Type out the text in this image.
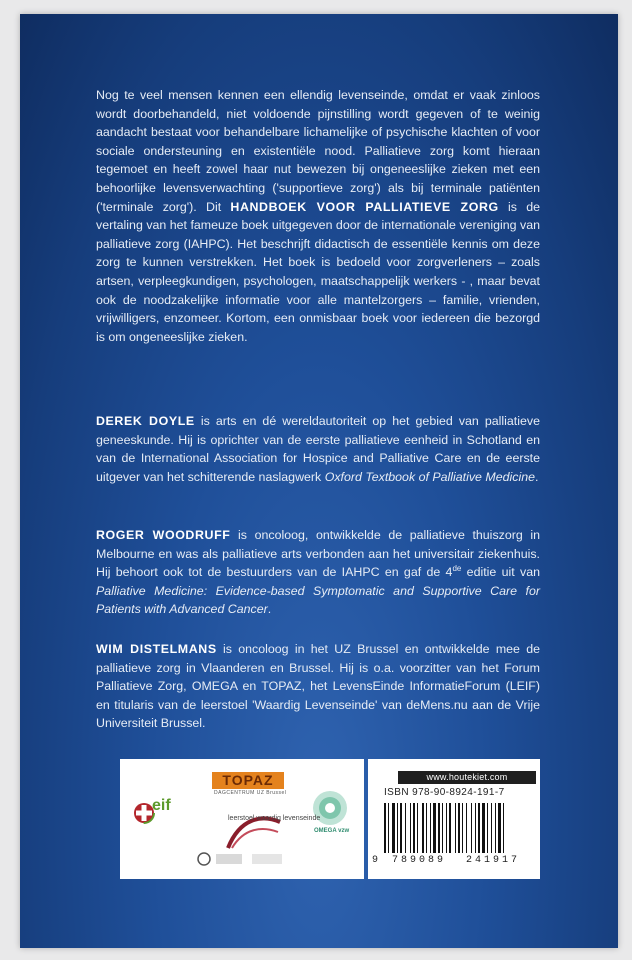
Nog te veel mensen kennen een ellendig levenseinde, omdat er vaak zinloos wordt doorbehandeld, niet voldoende pijnstilling wordt gegeven of te weinig aandacht bestaat voor behandelbare lichamelijke of psychische klachten of voor sociale ondersteuning en existentiële nood. Palliatieve zorg komt hieraan tegemoet en heeft zowel haar nut bewezen bij ongeneeslijke zieken met een behoorlijke levensverwachting ('supportieve zorg') als bij terminale patiënten ('terminale zorg'). Dit HANDBOEK VOOR PALLIATIEVE ZORG is de vertaling van het fameuze boek uitgegeven door de internationale vereniging van palliatieve zorg (IAHPC). Het beschrijft didactisch de essentiële kennis om deze zorg te kunnen verstrekken. Het boek is bedoeld voor zorgverleners – zoals artsen, verpleegkundigen, psychologen, maatschappelijk werkers - , maar bevat ook de noodzakelijke informatie voor alle mantelzorgers – familie, vrienden, vrijwilligers, enzomeer. Kortom, een onmisbaar boek voor iedereen die bezorgd is om ongeneeslijke zieken.

DEREK DOYLE is arts en dé wereldautoriteit op het gebied van palliatieve geneeskunde. Hij is oprichter van de eerste palliatieve eenheid in Schotland en van de International Association for Hospice and Palliative Care en de eerste uitgever van het schitterende naslagwerk Oxford Textbook of Palliative Medicine.

ROGER WOODRUFF is oncoloog, ontwikkelde de palliatieve thuiszorg in Melbourne en was als palliatieve arts verbonden aan het universitair ziekenhuis. Hij behoort ook tot de bestuurders van de IAHPC en gaf de 4de editie uit van Palliative Medicine: Evidence-based Symptomatic and Supportive Care for Patients with Advanced Cancer.

WIM DISTELMANS is oncoloog in het UZ Brussel en ontwikkelde mee de palliatieve zorg in Vlaanderen en Brussel. Hij is o.a. voorzitter van het Forum Palliatieve Zorg, OMEGA en TOPAZ, het LevensEinde InformatieForum (LEIF) en titularis van de leerstoel 'Waardig Levenseinde' van deMens.nu aan de Vrije Universiteit Brussel.

eif
TOPAZ
DAGCENTRUM UZ Brussel
OMEGA vzw
leerstoel waardig levenseinde
www.houtekiet.com
ISBN 978-90-8924-191-7
9 789089 241917
